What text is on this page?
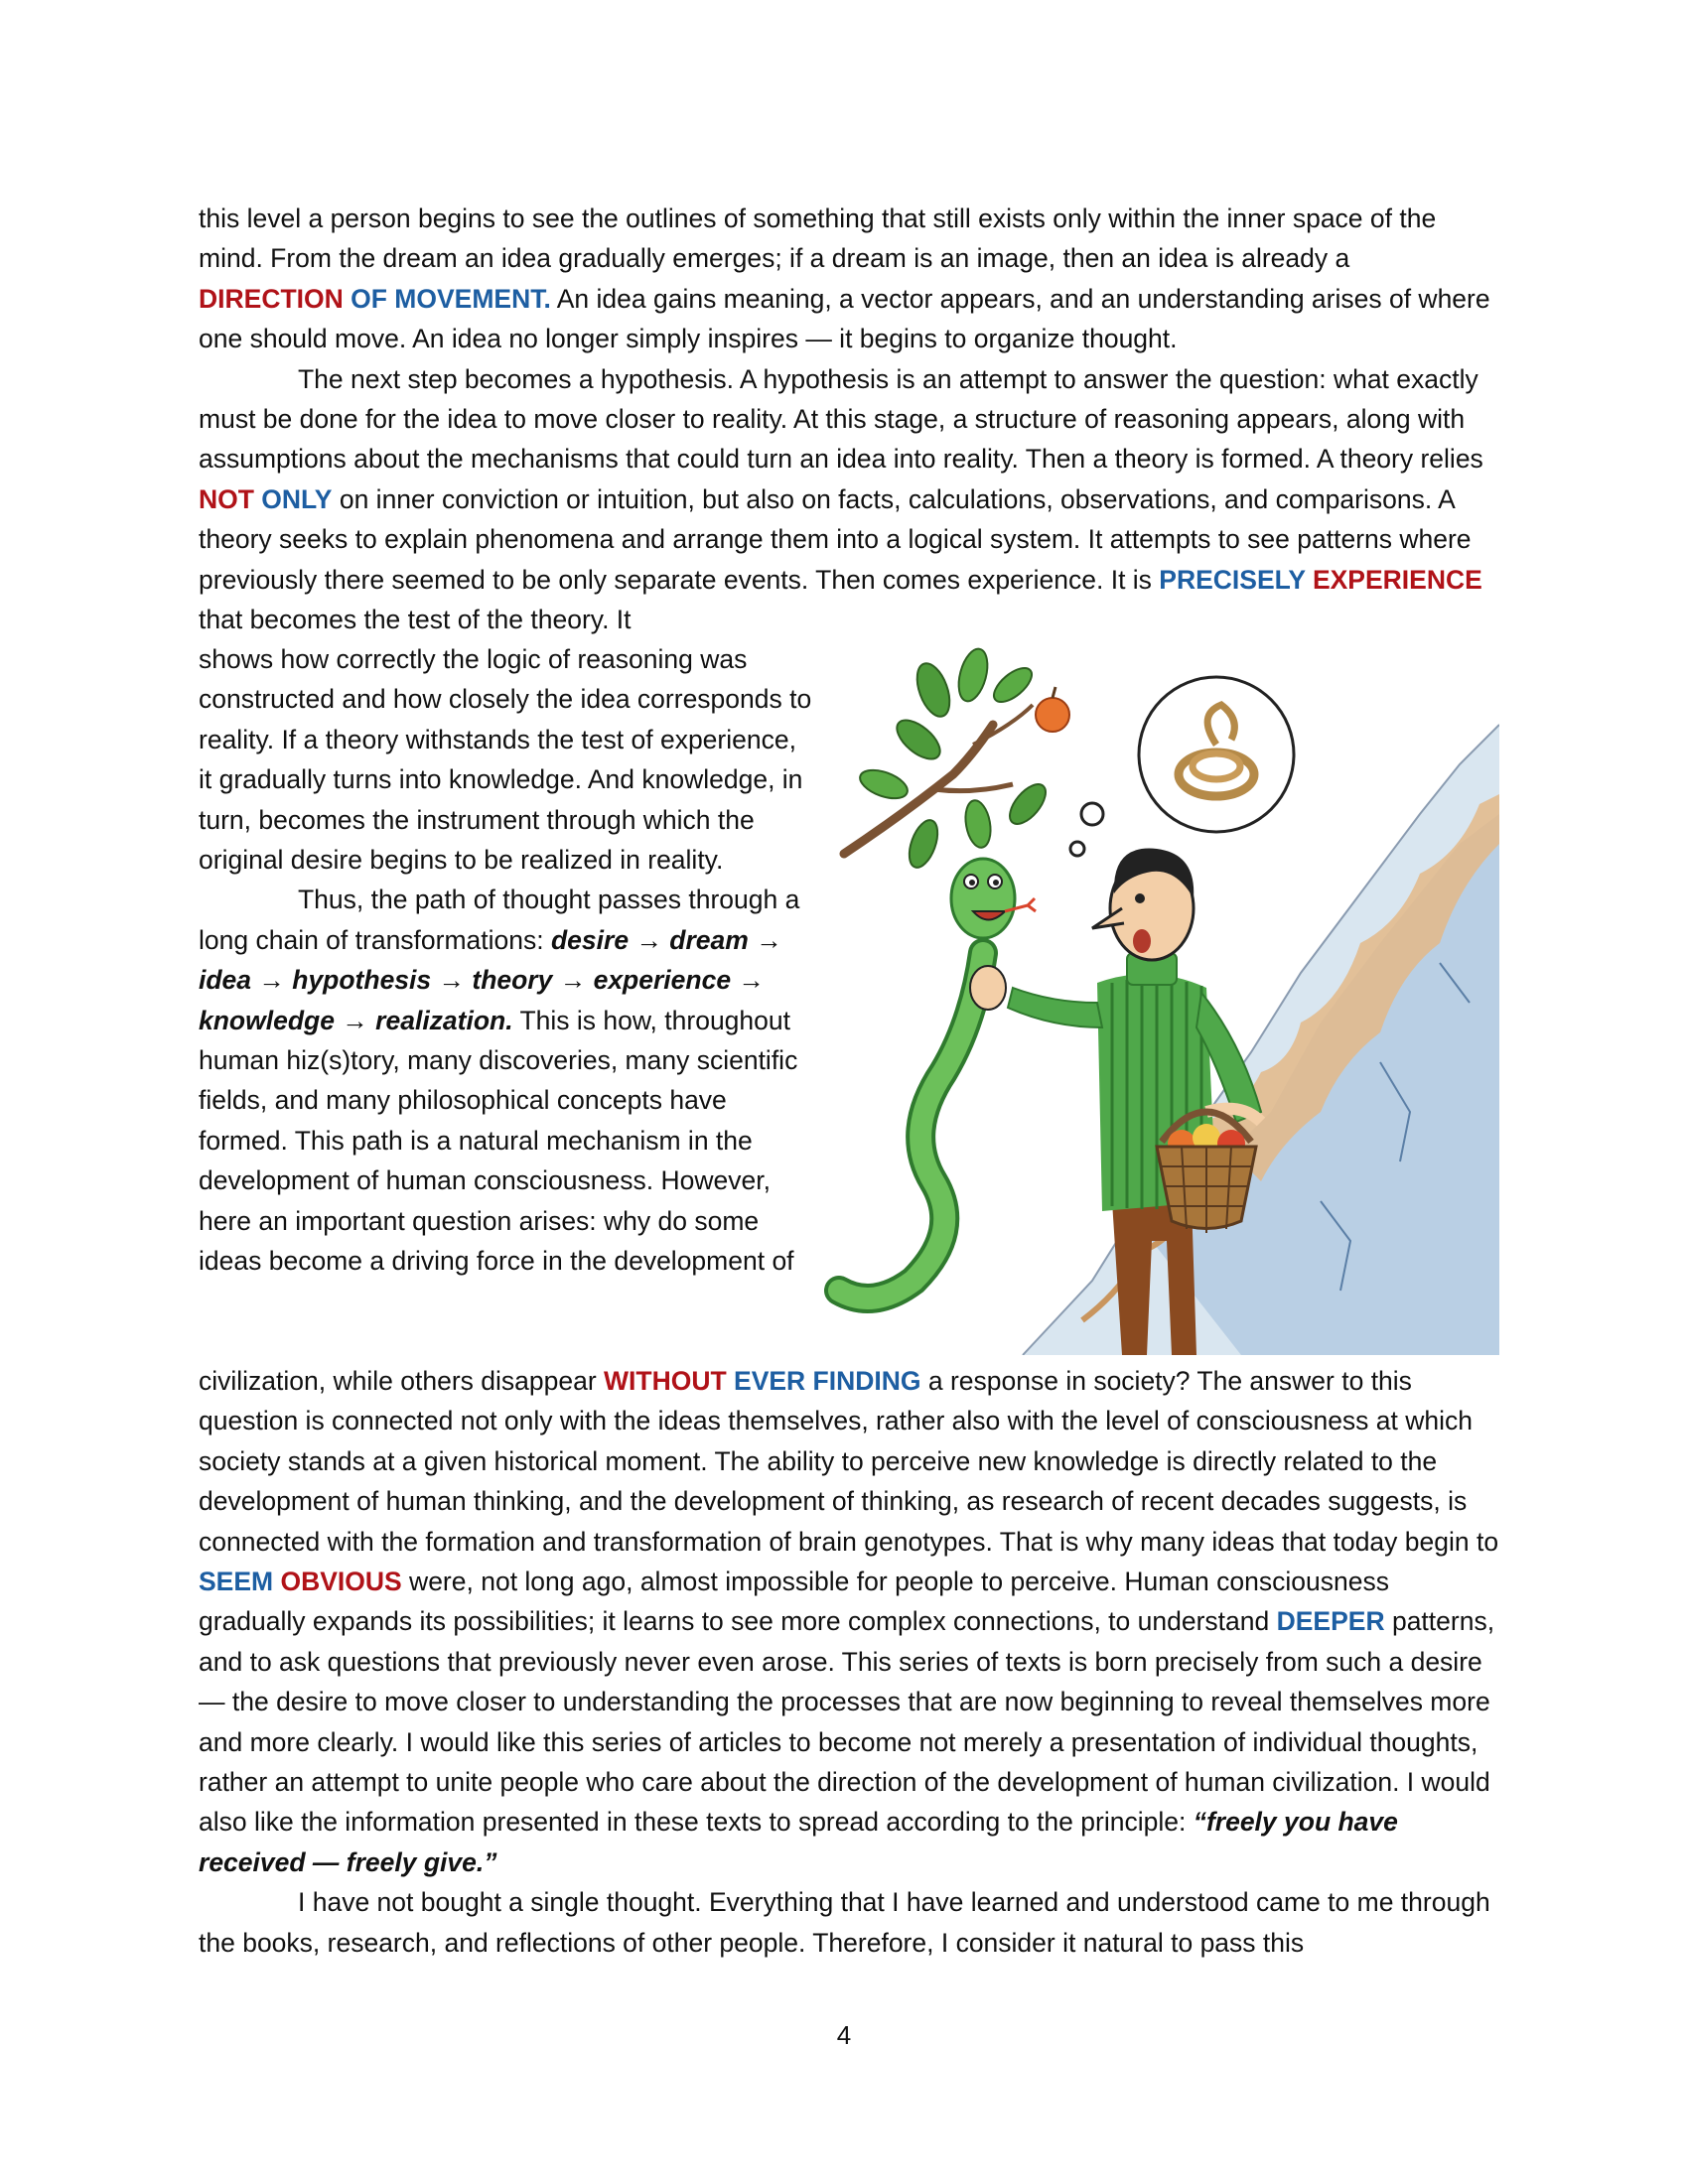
this level a person begins to see the outlines of something that still exists only within the inner space of the mind. From the dream an idea gradually emerges; if a dream is an image, then an idea is already a DIRECTION OF MOVEMENT. An idea gains meaning, a vector appears, and an understanding arises of where one should move. An idea no longer simply inspires — it begins to organize thought.

The next step becomes a hypothesis. A hypothesis is an attempt to answer the question: what exactly must be done for the idea to move closer to reality. At this stage, a structure of reasoning appears, along with assumptions about the mechanisms that could turn an idea into reality. Then a theory is formed. A theory relies NOT ONLY on inner conviction or intuition, but also on facts, calculations, observations, and comparisons. A theory seeks to explain phenomena and arrange them into a logical system. It attempts to see patterns where previously there seemed to be only separate events. Then comes experience. It is PRECISELY EXPERIENCE that becomes the test of the theory. It

shows how correctly the logic of reasoning was constructed and how closely the idea corresponds to reality. If a theory withstands the test of experience, it gradually turns into knowledge. And knowledge, in turn, becomes the instrument through which the original desire begins to be realized in reality.

Thus, the path of thought passes through a long chain of transformations: desire → dream → idea → hypothesis → theory → experience → knowledge → realization. This is how, throughout human hiz(s)tory, many discoveries, many scientific fields, and many philosophical concepts have formed. This path is a natural mechanism in the development of human consciousness. However, here an important question arises: why do some ideas become a driving force in the development of

civilization, while others disappear WITHOUT EVER FINDING a response in society? The answer to this question is connected not only with the ideas themselves, rather also with the level of consciousness at which society stands at a given historical moment. The ability to perceive new knowledge is directly related to the development of human thinking, and the development of thinking, as research of recent decades suggests, is connected with the formation and transformation of brain genotypes. That is why many ideas that today begin to SEEM OBVIOUS were, not long ago, almost impossible for people to perceive. Human consciousness gradually expands its possibilities; it learns to see more complex connections, to understand DEEPER patterns, and to ask questions that previously never even arose. This series of texts is born precisely from such a desire — the desire to move closer to understanding the processes that are now beginning to reveal themselves more and more clearly. I would like this series of articles to become not merely a presentation of individual thoughts, rather an attempt to unite people who care about the direction of the development of human civilization. I would also like the information presented in these texts to spread according to the principle: “freely you have received — freely give.”

I have not bought a single thought. Everything that I have learned and understood came to me through the books, research, and reflections of other people. Therefore, I consider it natural to pass this

4
